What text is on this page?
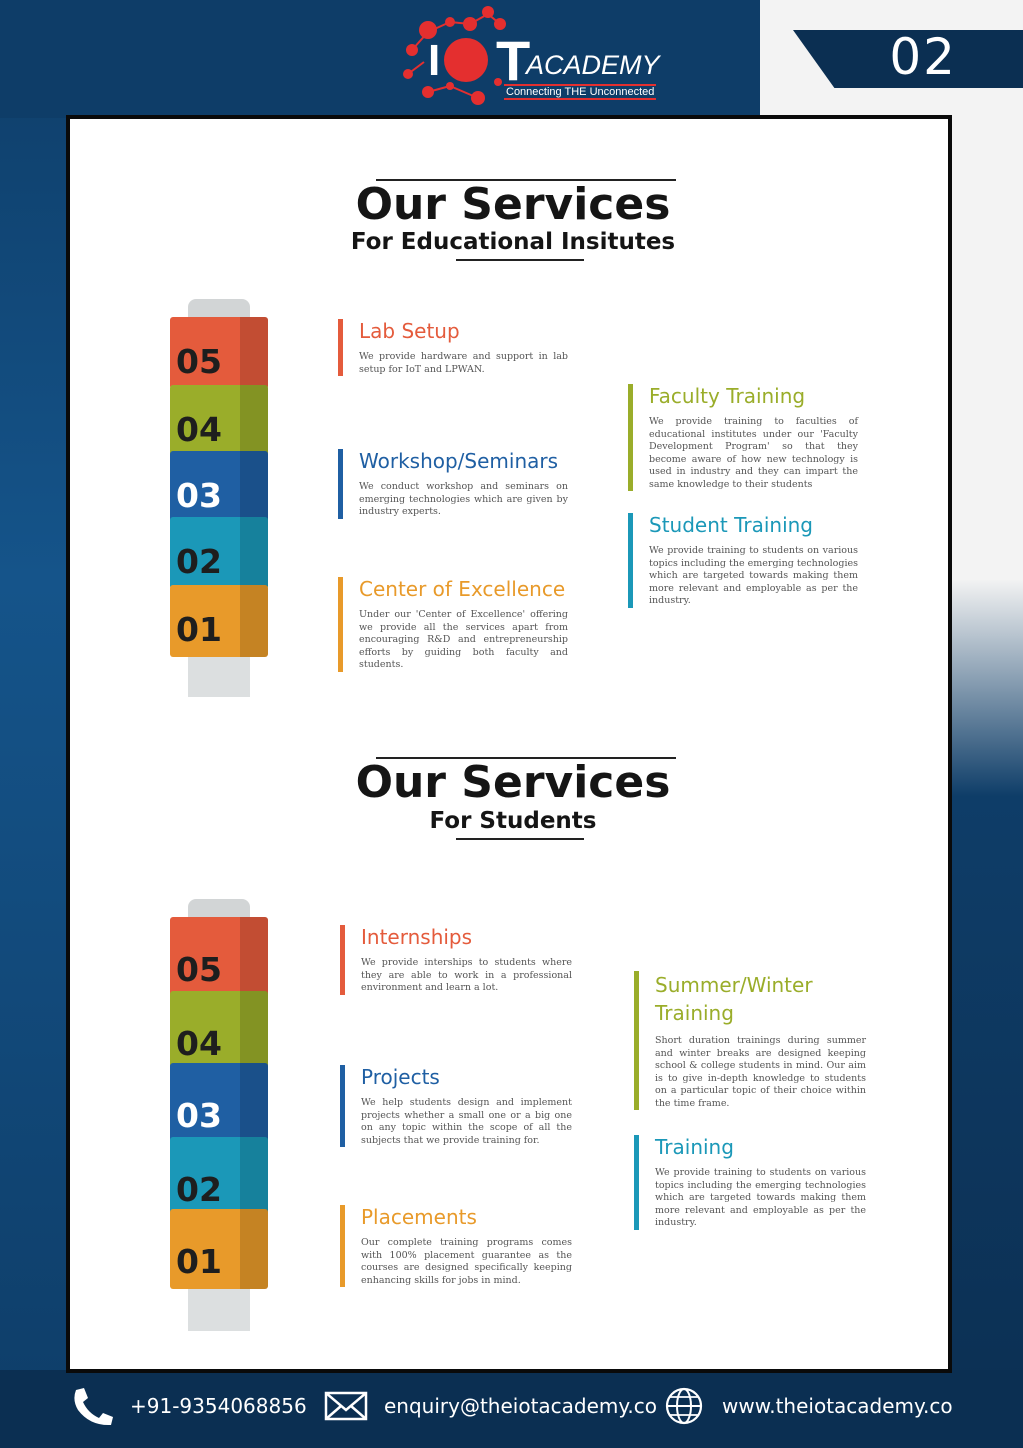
02
I T
ACADEMY
Connecting THE Unconnected
Our Services
For Educational Insitutes
05
04
03
02
01
Lab Setup
We provide hardware and support in lab setup for IoT and LPWAN.
Workshop/Seminars
We conduct workshop and seminars on emerging technologies which are given by industry experts.
Center of Excellence
Under our 'Center of Excellence' offering we provide all the services apart from encouraging R&D and entrepreneurship efforts by guiding both faculty and students.
Faculty Training
We provide training to faculties of educational institutes under our 'Faculty Development Program' so that they become aware of how new technology is used in industry and they can impart the same knowledge to their students
Student Training
We provide training to students on various topics including the emerging technologies which are targeted towards making them more relevant and employable as per the industry.
Our Services
For Students
05
04
03
02
01
Internships
We provide interships to students where they are able to work in a professional environment and learn a lot.
Projects
We help students design and implement projects whether a small one or a big one on any topic within the scope of all the subjects that we provide training for.
Placements
Our complete training programs comes with 100% placement guarantee as the courses are designed specifically keeping enhancing skills for jobs in mind.
Summer/Winter Training
Short duration trainings during summer and winter breaks are designed keeping school & college students in mind. Our aim is to give in-depth knowledge to students on a particular topic of their choice within the time frame.
Training
We provide training to students on various topics including the emerging technologies which are targeted towards making them more relevant and employable as per the industry.
+91-9354068856	enquiry@theiotacademy.co	www.theiotacademy.co
